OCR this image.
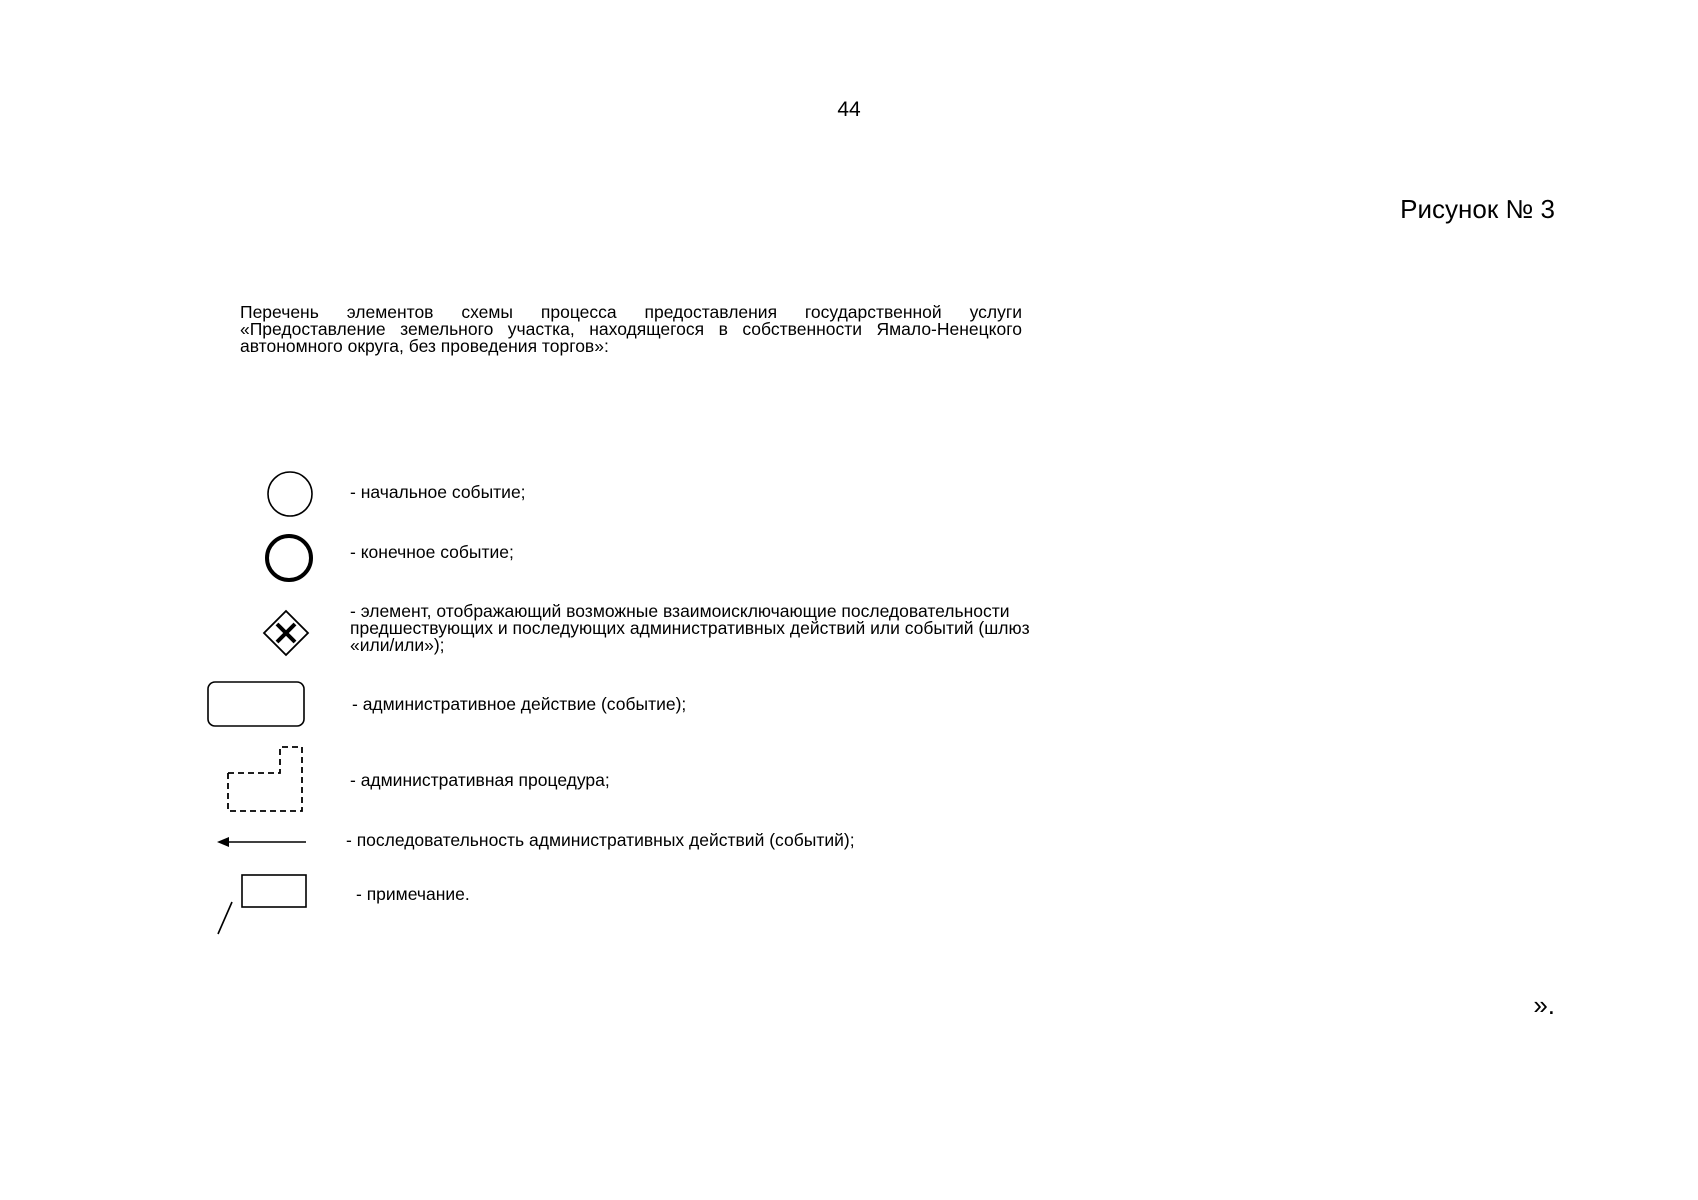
44
Рисунок № 3
Перечень элементов схемы процесса предоставления государственной услуги «Предоставление земельного участка, находящегося в собственности Ямало-Ненецкого автономного округа, без проведения торгов»:
- начальное событие;
- конечное событие;
- элемент, отображающий возможные взаимоисключающие последовательности предшествующих и последующих административных действий или событий (шлюз «или/или»);
- административное действие (событие);
- административная процедура;
- последовательность административных действий (событий);
- примечание.
».
